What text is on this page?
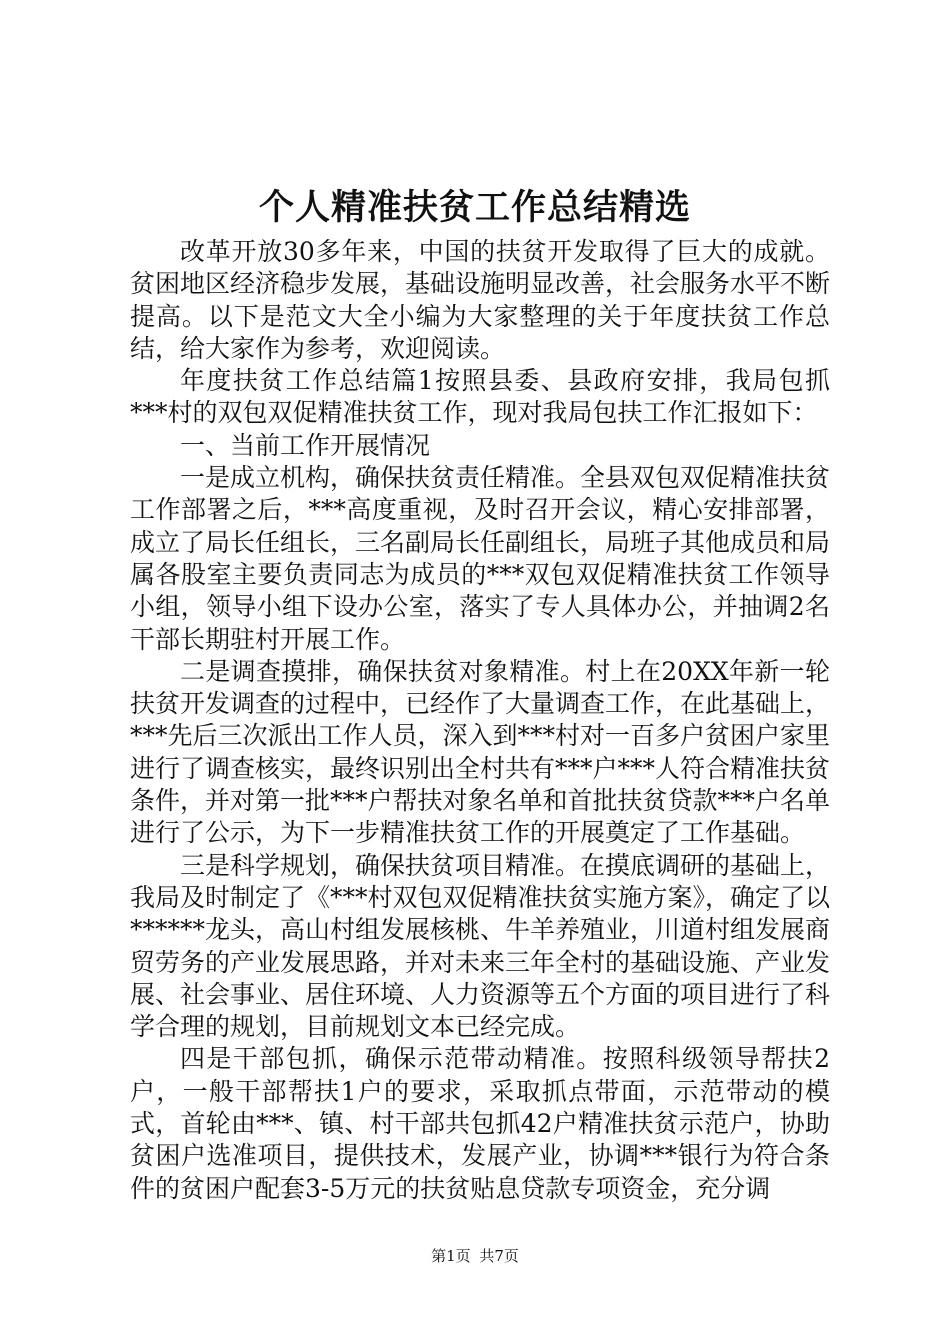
个人精准扶贫工作总结精选

改革开放30多年来，中国的扶贫开发取得了巨大的成就。贫困地区经济稳步发展，基础设施明显改善，社会服务水平不断提高。以下是范文大全小编为大家整理的关于年度扶贫工作总结，给大家作为参考，欢迎阅读。

年度扶贫工作总结篇1按照县委、县政府安排，我局包抓***村的双包双促精准扶贫工作，现对我局包扶工作汇报如下：

一、当前工作开展情况

一是成立机构，确保扶贫责任精准。全县双包双促精准扶贫工作部署之后，***高度重视，及时召开会议，精心安排部署，成立了局长任组长，三名副局长任副组长，局班子其他成员和局属各股室主要负责同志为成员的***双包双促精准扶贫工作领导小组，领导小组下设办公室，落实了专人具体办公，并抽调2名干部长期驻村开展工作。

二是调查摸排，确保扶贫对象精准。村上在20XX年新一轮扶贫开发调查的过程中，已经作了大量调查工作，在此基础上，***先后三次派出工作人员，深入到***村对一百多户贫困户家里进行了调查核实，最终识别出全村共有***户***人符合精准扶贫条件，并对第一批***户帮扶对象名单和首批扶贫贷款***户名单进行了公示，为下一步精准扶贫工作的开展奠定了工作基础。

三是科学规划，确保扶贫项目精准。在摸底调研的基础上，我局及时制定了《***村双包双促精准扶贫实施方案》，确定了以******龙头，高山村组发展核桃、牛羊养殖业，川道村组发展商贸劳务的产业发展思路，并对未来三年全村的基础设施、产业发展、社会事业、居住环境、人力资源等五个方面的项目进行了科学合理的规划，目前规划文本已经完成。

四是干部包抓，确保示范带动精准。按照科级领导帮扶2户，一般干部帮扶1户的要求，采取抓点带面，示范带动的模式，首轮由***、镇、村干部共包抓42户精准扶贫示范户，协助贫困户选准项目，提供技术，发展产业，协调***银行为符合条件的贫困户配套3-5万元的扶贫贴息贷款专项资金，充分调

第1页 共7页
